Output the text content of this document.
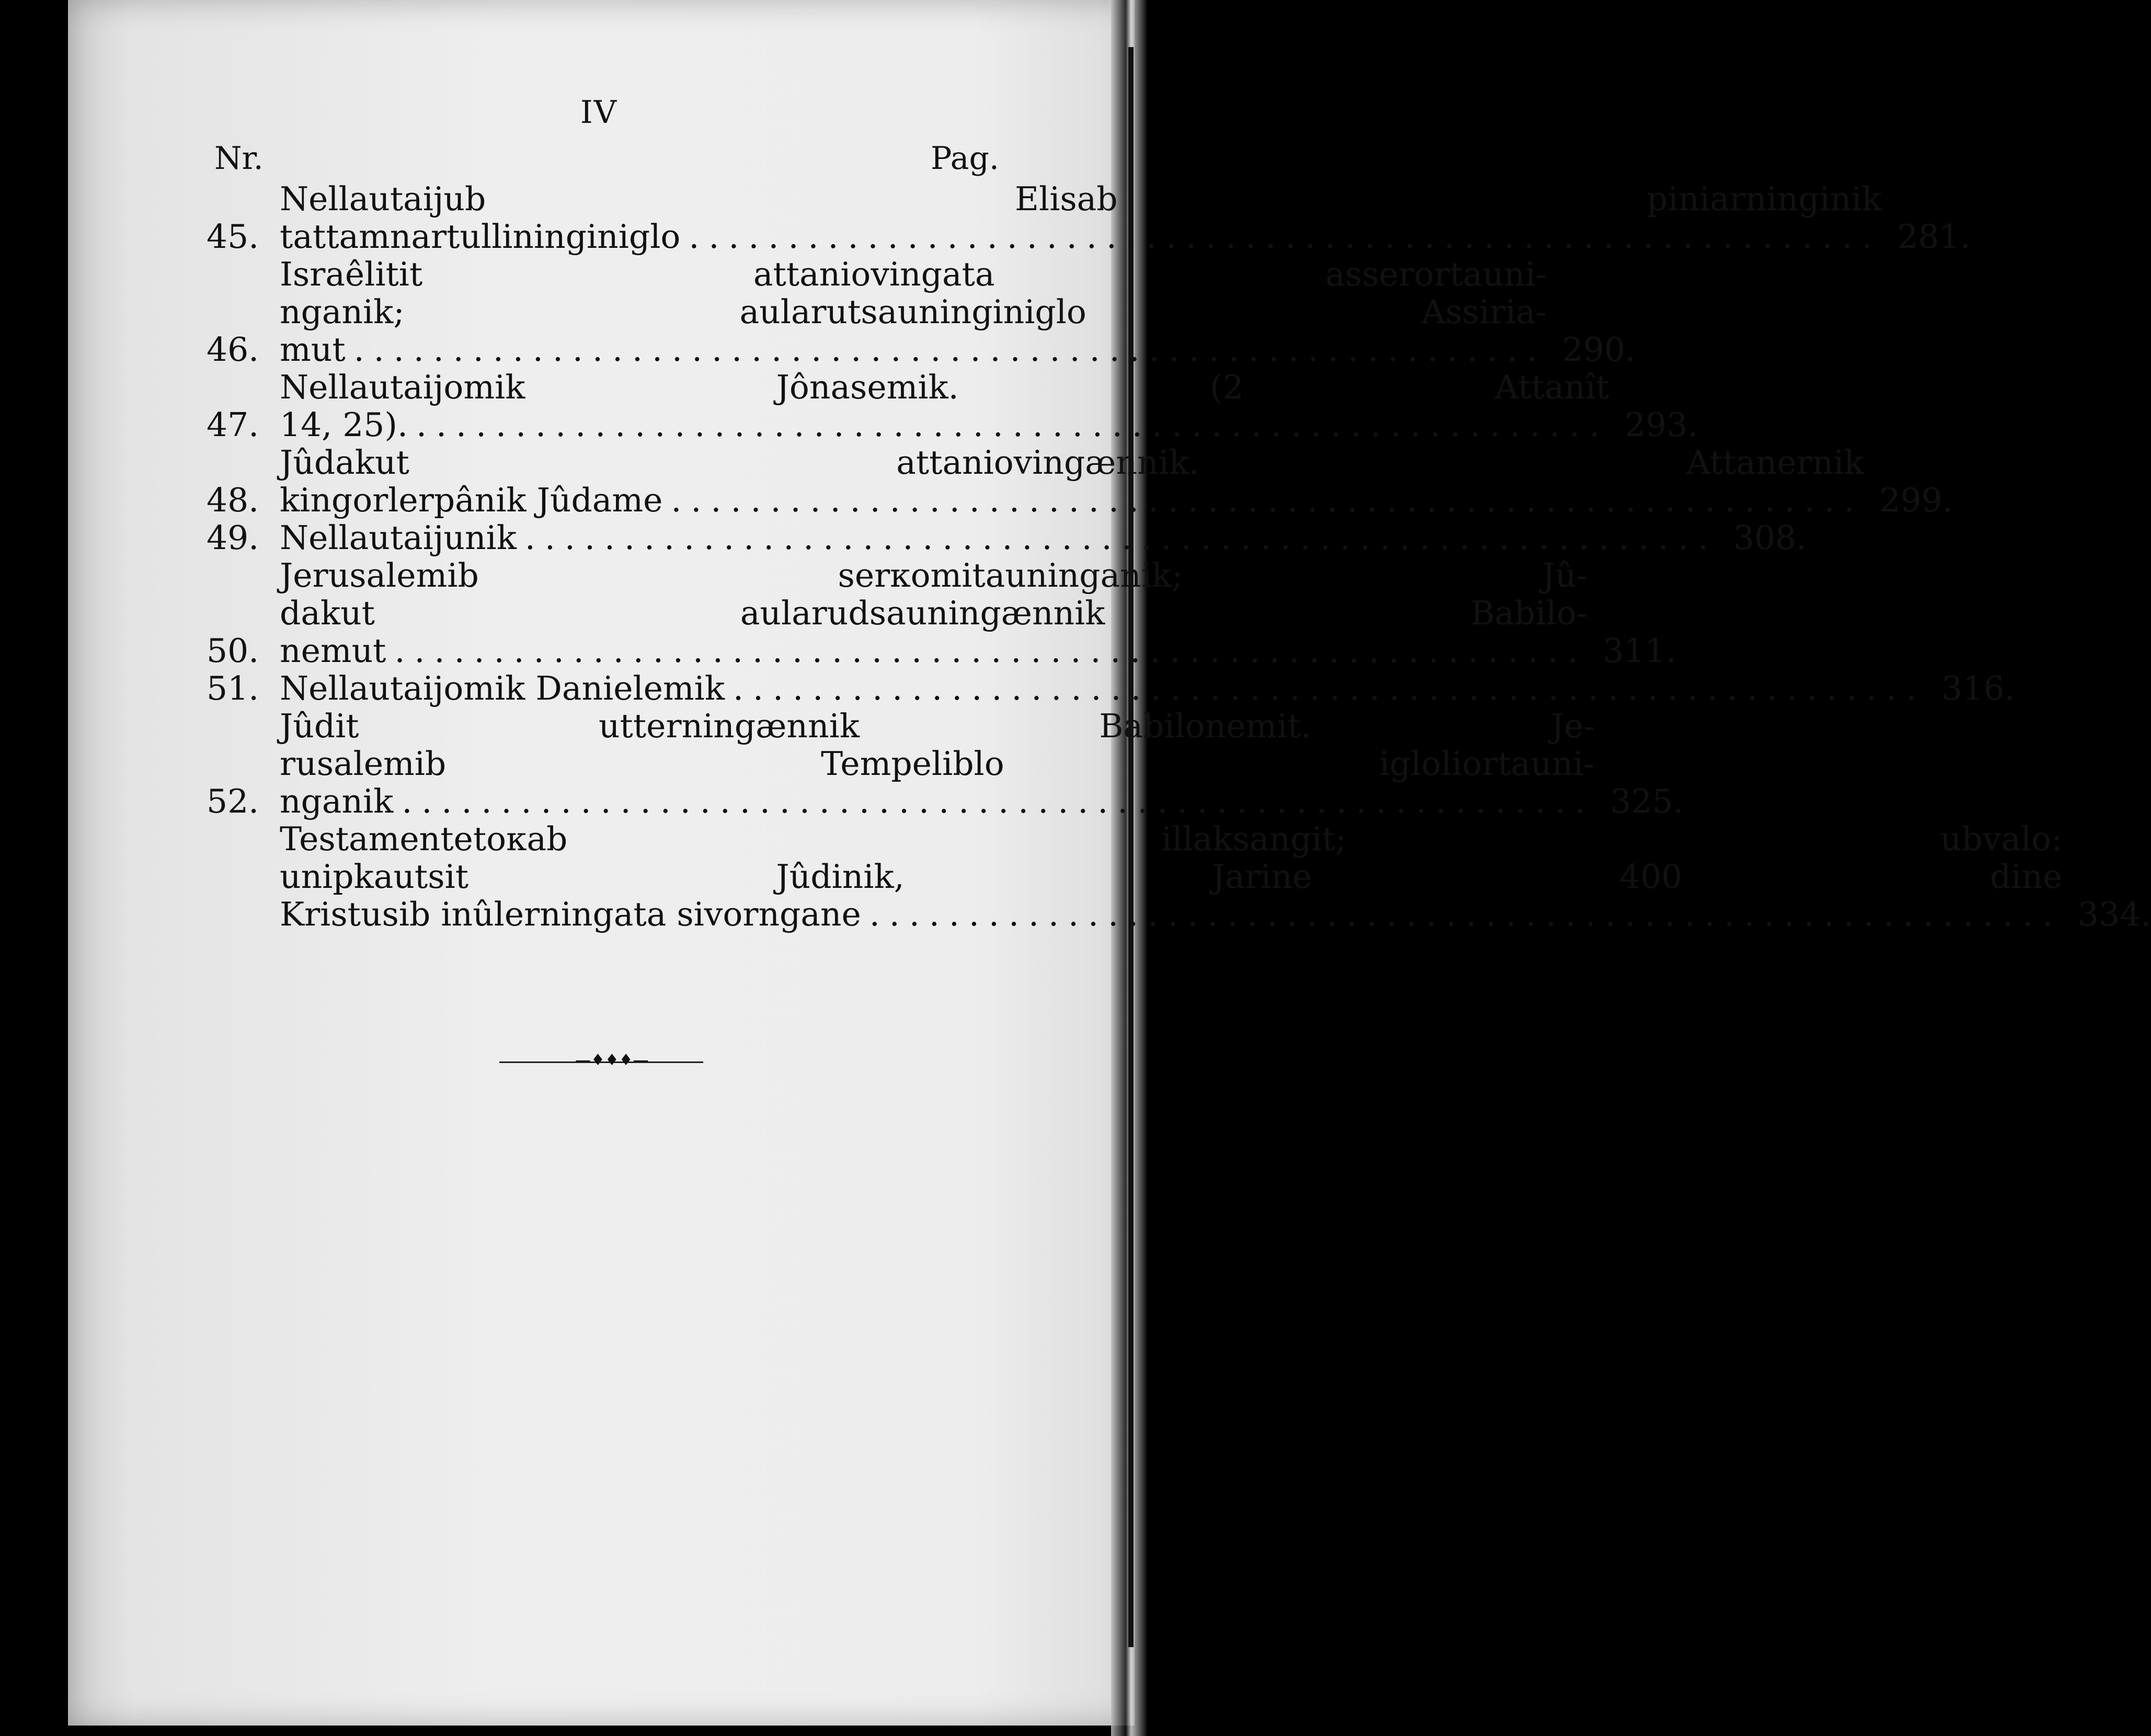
IV
Nr.	Pag.
45.
Nellautaijub Elisab piniarninginik
tattamnartullininginiglo ............................................................ 281.
46.
Israêlitit attaniovingata asserortauni-
nganik; aularutsauninginiglo Assiria-
mut ............................................................ 290.
47.
Nellautaijomik Jônasemik. (2 Attanît
14, 25). ............................................................ 293.
48.
Jûdakut attaniovingænnik. Attanernik
kingorlerpânik Jûdame ............................................................ 299.
49. Nellautaijunik ............................................................ 308.
50.
Jerusalemib serкomitauninganik; Jû-
dakut aularudsauningænnik Babilo-
nemut ............................................................ 311.
51. Nellautaijomik Danielemik ............................................................ 316.
52.
Jûdit utterningænnik Babilonemit. Je-
rusalemib Tempeliblo igloliortauni-
nganik ............................................................ 325.
Testamentetoкab illaksangit; ubvalo:
unipkautsit Jûdinik, Jarine 400 dine
Kristusib inûlerningata sivorngane ............................................................ 334.
—♦♦♦—
